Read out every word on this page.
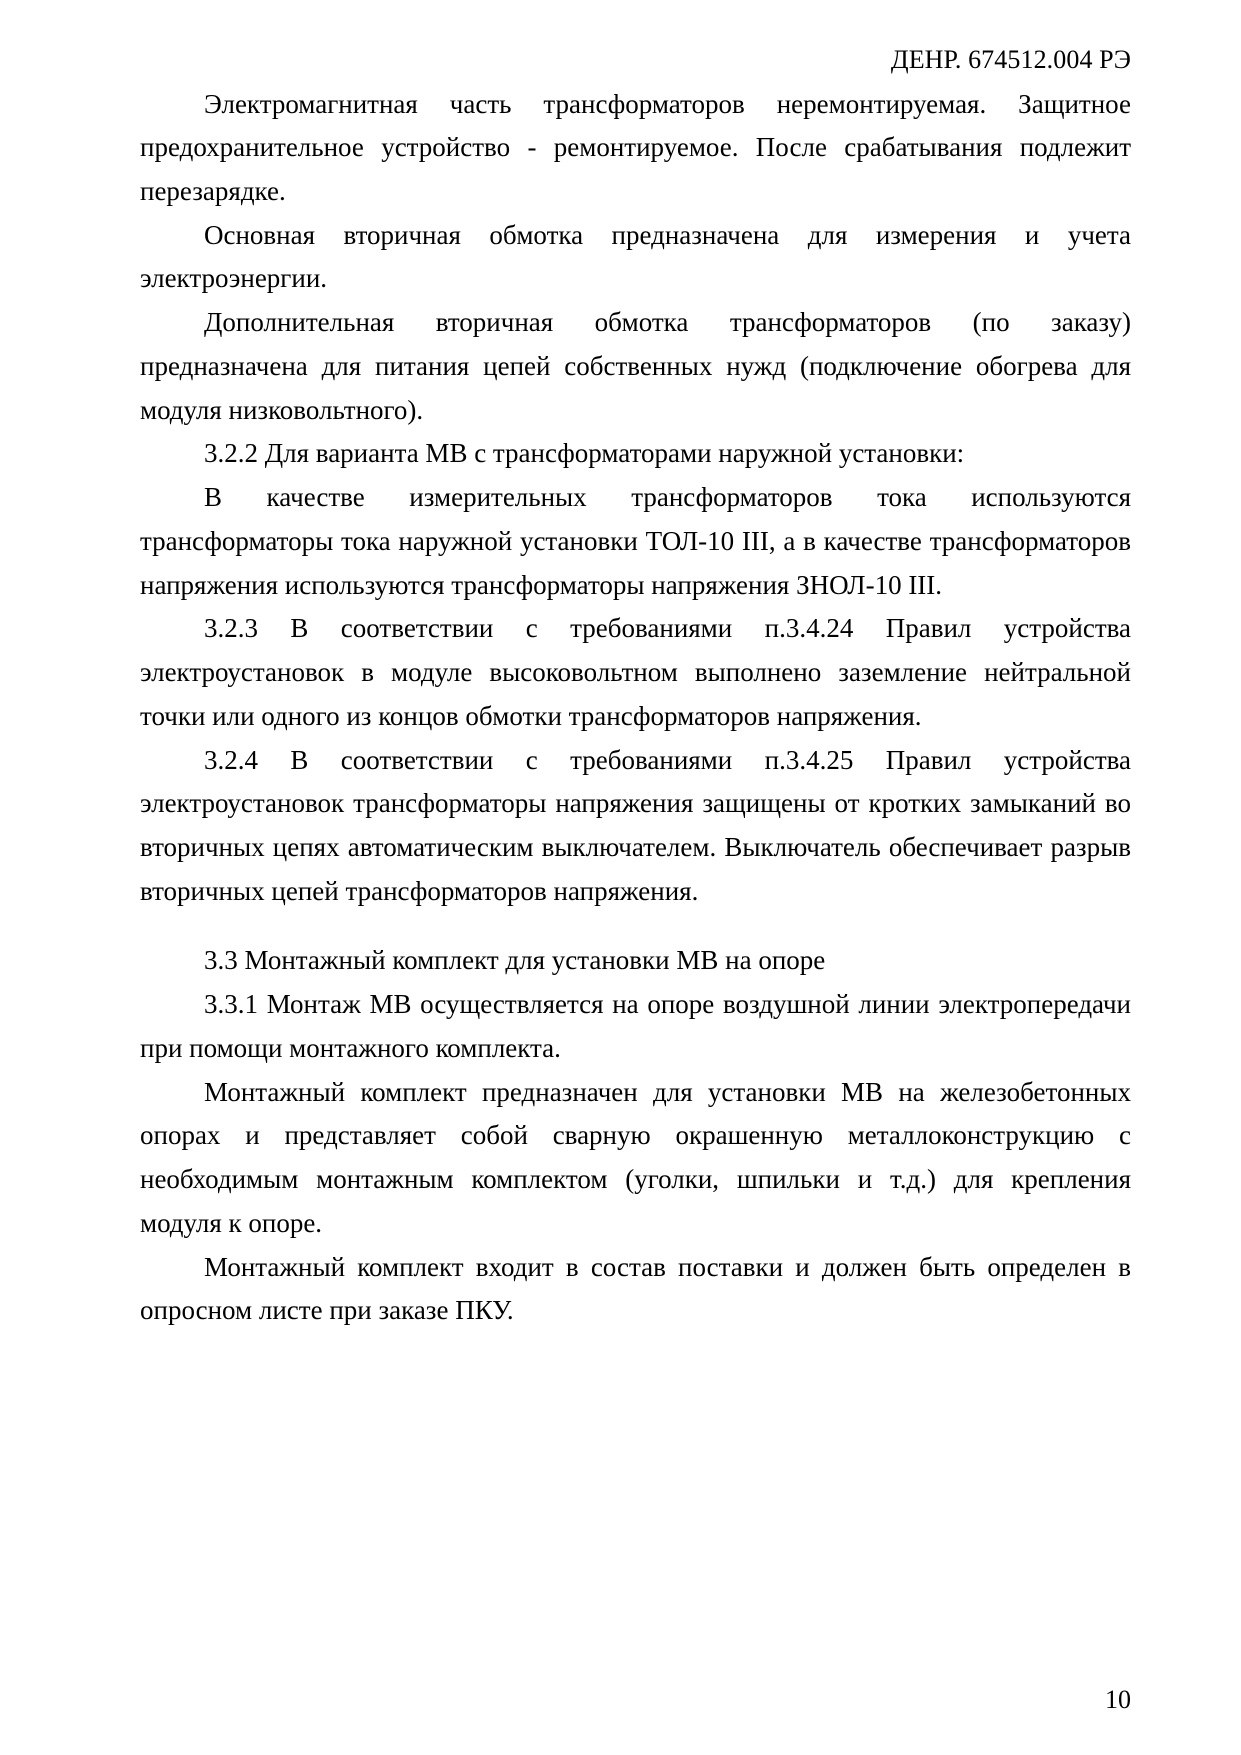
ДЕНР. 674512.004 РЭ

Электромагнитная часть трансформаторов неремонтируемая. Защитное предохранительное устройство - ремонтируемое. После срабатывания подлежит перезарядке.

Основная вторичная обмотка предназначена для измерения и учета электроэнергии.

Дополнительная вторичная обмотка трансформаторов (по заказу) предназначена для питания цепей собственных нужд (подключение обогрева для модуля низковольтного).

3.2.2 Для варианта МВ с трансформаторами наружной установки:

В качестве измерительных трансформаторов тока используются трансформаторы тока наружной установки ТОЛ-10 III, а в качестве трансформаторов напряжения используются трансформаторы напряжения ЗНОЛ-10 III.

3.2.3 В соответствии с требованиями п.3.4.24 Правил устройства электроустановок в модуле высоковольтном выполнено заземление нейтральной точки или одного из концов обмотки трансформаторов напряжения.

3.2.4 В соответствии с требованиями п.3.4.25 Правил устройства электроустановок трансформаторы напряжения защищены от кротких замыканий во вторичных цепях автоматическим выключателем. Выключатель обеспечивает разрыв вторичных цепей трансформаторов напряжения.

3.3 Монтажный комплект для установки МВ на опоре

3.3.1 Монтаж МВ осуществляется на опоре воздушной линии электропередачи при помощи монтажного комплекта.

Монтажный комплект предназначен для установки МВ на железобетонных опорах и представляет собой сварную окрашенную металлоконструкцию с необходимым монтажным комплектом (уголки, шпильки и т.д.) для крепления модуля к опоре.

Монтажный комплект входит в состав поставки и должен быть определен в опросном листе при заказе ПКУ.

10
